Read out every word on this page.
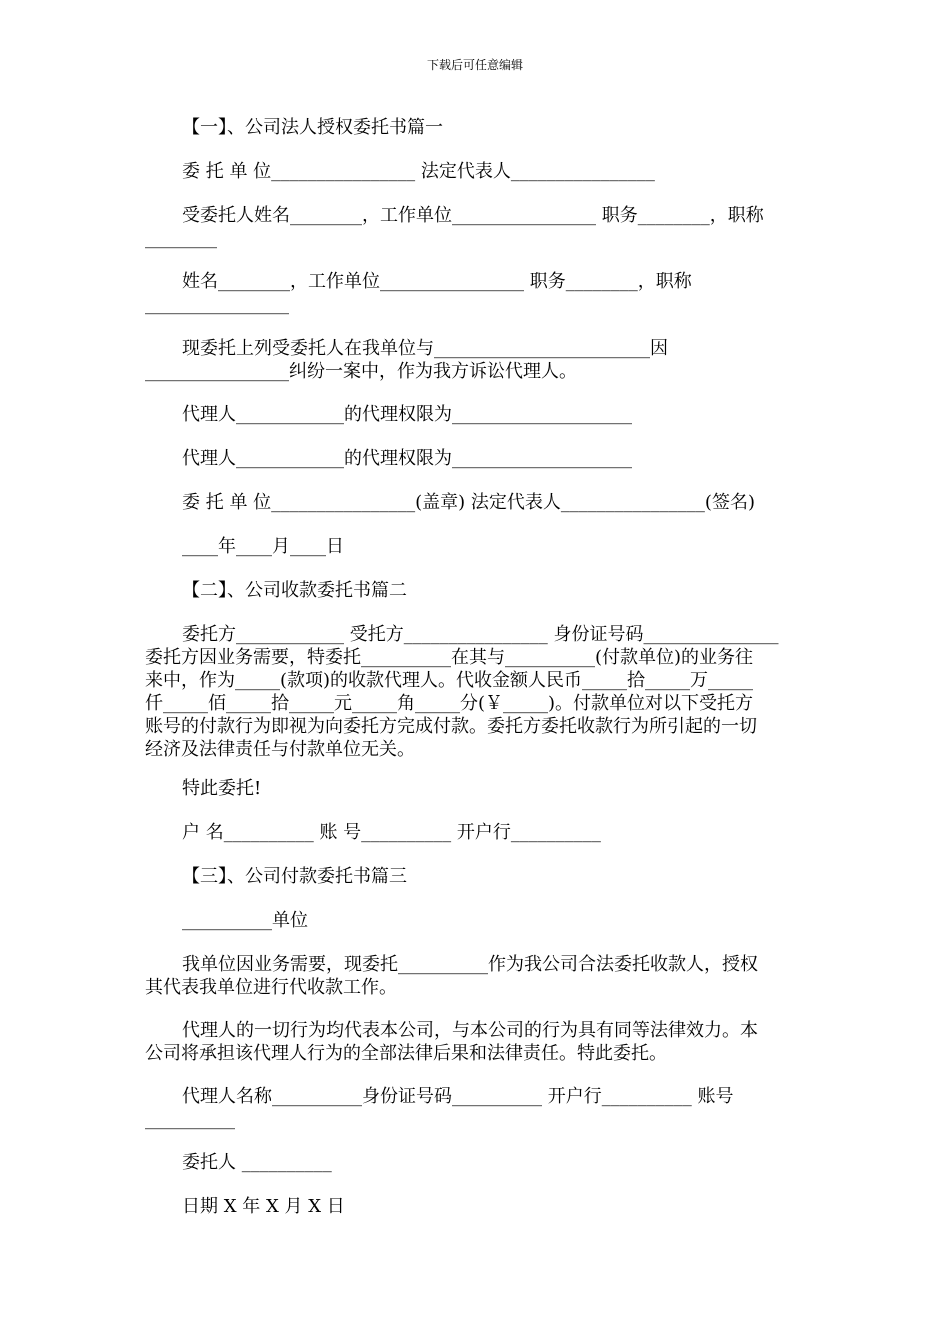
下载后可任意编辑
【一】、公司法人授权委托书篇一
委 托 单 位________________ 法定代表人________________
受委托人姓名________，工作单位________________ 职务________，职称
________
姓名________，工作单位________________ 职务________，职称
________________
现委托上列受委托人在我单位与________________________因
________________纠纷一案中，作为我方诉讼代理人。
代理人____________的代理权限为____________________
代理人____________的代理权限为____________________
委 托 单 位________________(盖章) 法定代表人________________(签名)
____年____月____日
【二】、公司收款委托书篇二
委托方____________ 受托方________________ 身份证号码_______________
委托方因业务需要，特委托__________在其与__________(付款单位)的业务往
来中，作为_____(款项)的收款代理人。代收金额人民币_____拾_____万_____
仟_____佰_____拾_____元_____角_____分(￥_____)。付款单位对以下受托方
账号的付款行为即视为向委托方完成付款。委托方委托收款行为所引起的一切
经济及法律责任与付款单位无关。
特此委托!
户 名__________ 账 号__________ 开户行__________
【三】、公司付款委托书篇三
__________单位
我单位因业务需要，现委托__________作为我公司合法委托收款人，授权
其代表我单位进行代收款工作。
代理人的一切行为均代表本公司，与本公司的行为具有同等法律效力。本
公司将承担该代理人行为的全部法律后果和法律责任。特此委托。
代理人名称__________身份证号码__________ 开户行__________ 账号
__________
委托人 __________
日期 X 年 X 月 X 日
